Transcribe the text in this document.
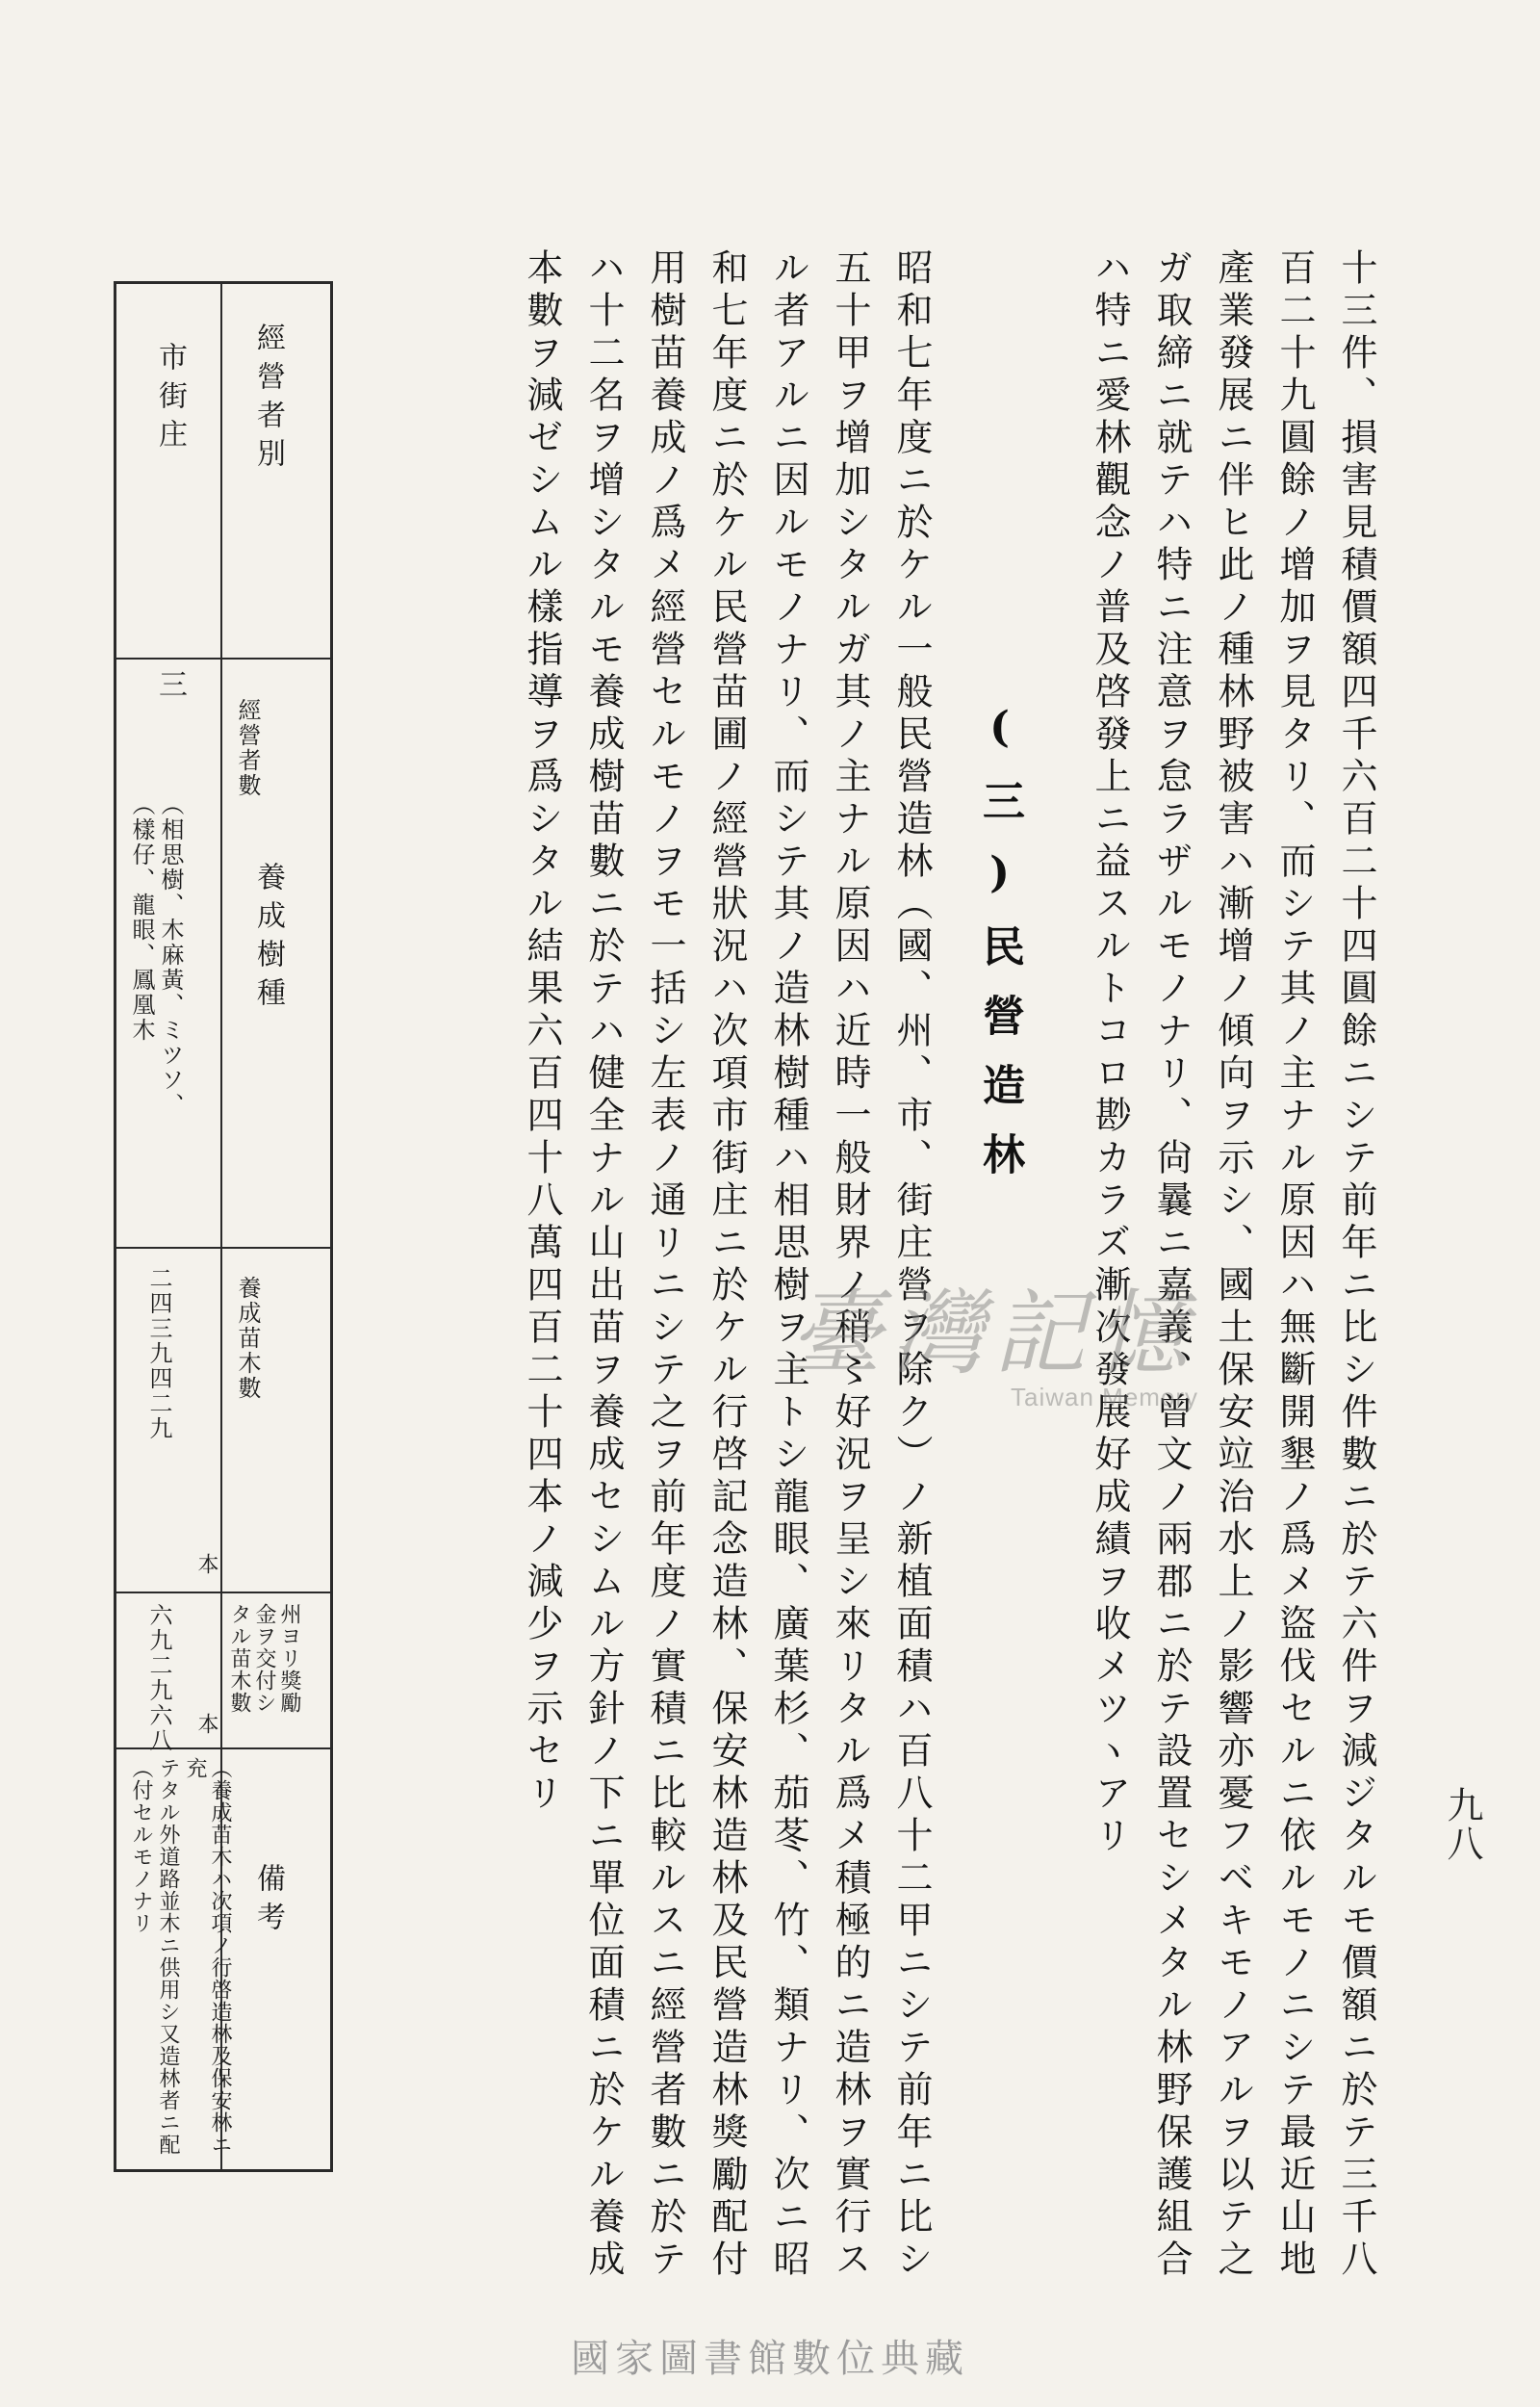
九八
十三件、損害見積價額四千六百二十四圓餘ニシテ前年ニ比シ件數ニ於テ六件ヲ減ジタルモ價額ニ於テ三千八
百二十九圓餘ノ增加ヲ見タリ、而シテ其ノ主ナル原因ハ無斷開墾ノ爲メ盜伐セルニ依ルモノニシテ最近山地
產業發展ニ伴ヒ此ノ種林野被害ハ漸增ノ傾向ヲ示シ、國土保安竝治水上ノ影響亦憂フベキモノアルヲ以テ之
ガ取締ニ就テハ特ニ注意ヲ怠ラザルモノナリ、尙曩ニ嘉義、曾文ノ兩郡ニ於テ設置セシメタル林野保護組合
ハ特ニ愛林觀念ノ普及啓發上ニ益スルトコロ尠カラズ漸次發展好成績ヲ收メツヽアリ
(三)民營造林
昭和七年度ニ於ケル一般民營造林（國、州、市、街庄營ヲ除ク）ノ新植面積ハ百八十二甲ニシテ前年ニ比シ
五十甲ヲ增加シタルガ其ノ主ナル原因ハ近時一般財界ノ稍〻好況ヲ呈シ來リタル爲メ積極的ニ造林ヲ實行ス
ル者アルニ因ルモノナリ、而シテ其ノ造林樹種ハ相思樹ヲ主トシ龍眼、廣葉杉、茄苳、竹、類ナリ、次ニ昭
和七年度ニ於ケル民營苗圃ノ經營狀況ハ次項市街庄ニ於ケル行啓記念造林、保安林造林及民營造林獎勵配付
用樹苗養成ノ爲メ經營セルモノヲモ一括シ左表ノ通リニシテ之ヲ前年度ノ實積ニ比較ルスニ經營者數ニ於テ
ハ十二名ヲ增シタルモ養成樹苗數ニ於テハ健全ナル山出苗ヲ養成セシムル方針ノ下ニ單位面積ニ於ケル養成
本數ヲ減ゼシムル樣指導ヲ爲シタル結果六百四十八萬四百二十四本ノ減少ヲ示セリ 臺灣記憶
Taiwan Memory
經營者別
經營者數
養成樹種
養成苗木數
州ヨリ獎勵金ヲ交付シタル苗木數
備考
市街庄
三
（相思樹、木麻黃、ミツソ、
（樣仔、龍眼、鳳凰木
二四三九四二九
本
六九二九六八 本
（養成苗木ハ次項ノ行啓造林及保安林ニ充
テタル外道路並木ニ供用シ又造林者ニ配
（付セルモノナリ
國家圖書館數位典藏
